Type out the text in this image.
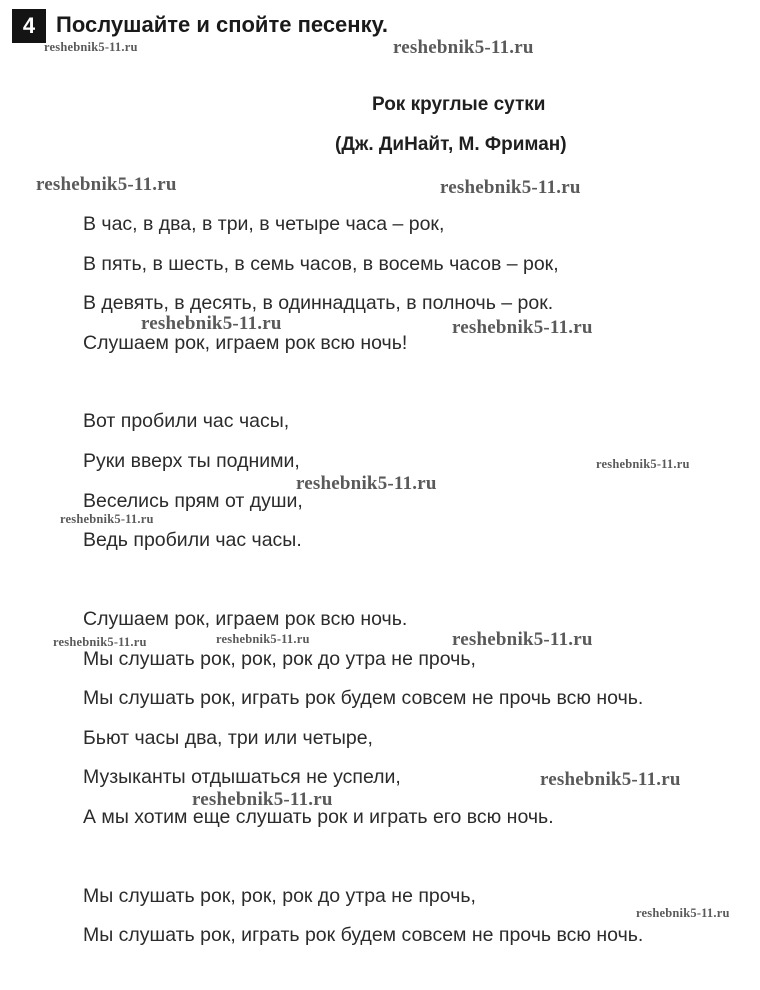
4 Послушайте и спойте песенку.
Рок круглые сутки
(Дж. ДиНайт, М. Фриман)
В час, в два, в три, в четыре часа – рок,
В пять, в шесть, в семь часов, в восемь часов – рок,
В девять, в десять, в одиннадцать, в полночь – рок.
Слушаем рок, играем рок всю ночь!
Вот пробили час часы,
Руки вверх ты подними,
Веселись прям от души,
Ведь пробили час часы.
Слушаем рок, играем рок всю ночь.
Мы слушать рок, рок, рок до утра не прочь,
Мы слушать рок, играть рок будем совсем не прочь всю ночь.
Бьют часы два, три или четыре,
Музыканты отдышаться не успели,
А мы хотим еще слушать рок и играть его всю ночь.
Мы слушать рок, рок, рок до утра не прочь,
Мы слушать рок, играть рок будем совсем не прочь всю ночь.
reshebnik5-11.ru	reshebnik5-11.ru
reshebnik5-11.ru	reshebnik5-11.ru
reshebnik5-11.ru	reshebnik5-11.ru
reshebnik5-11.ru
reshebnik5-11.ru
reshebnik5-11.ru
reshebnik5-11.ru	reshebnik5-11.ru	reshebnik5-11.ru
reshebnik5-11.ru
reshebnik5-11.ru
reshebnik5-11.ru
